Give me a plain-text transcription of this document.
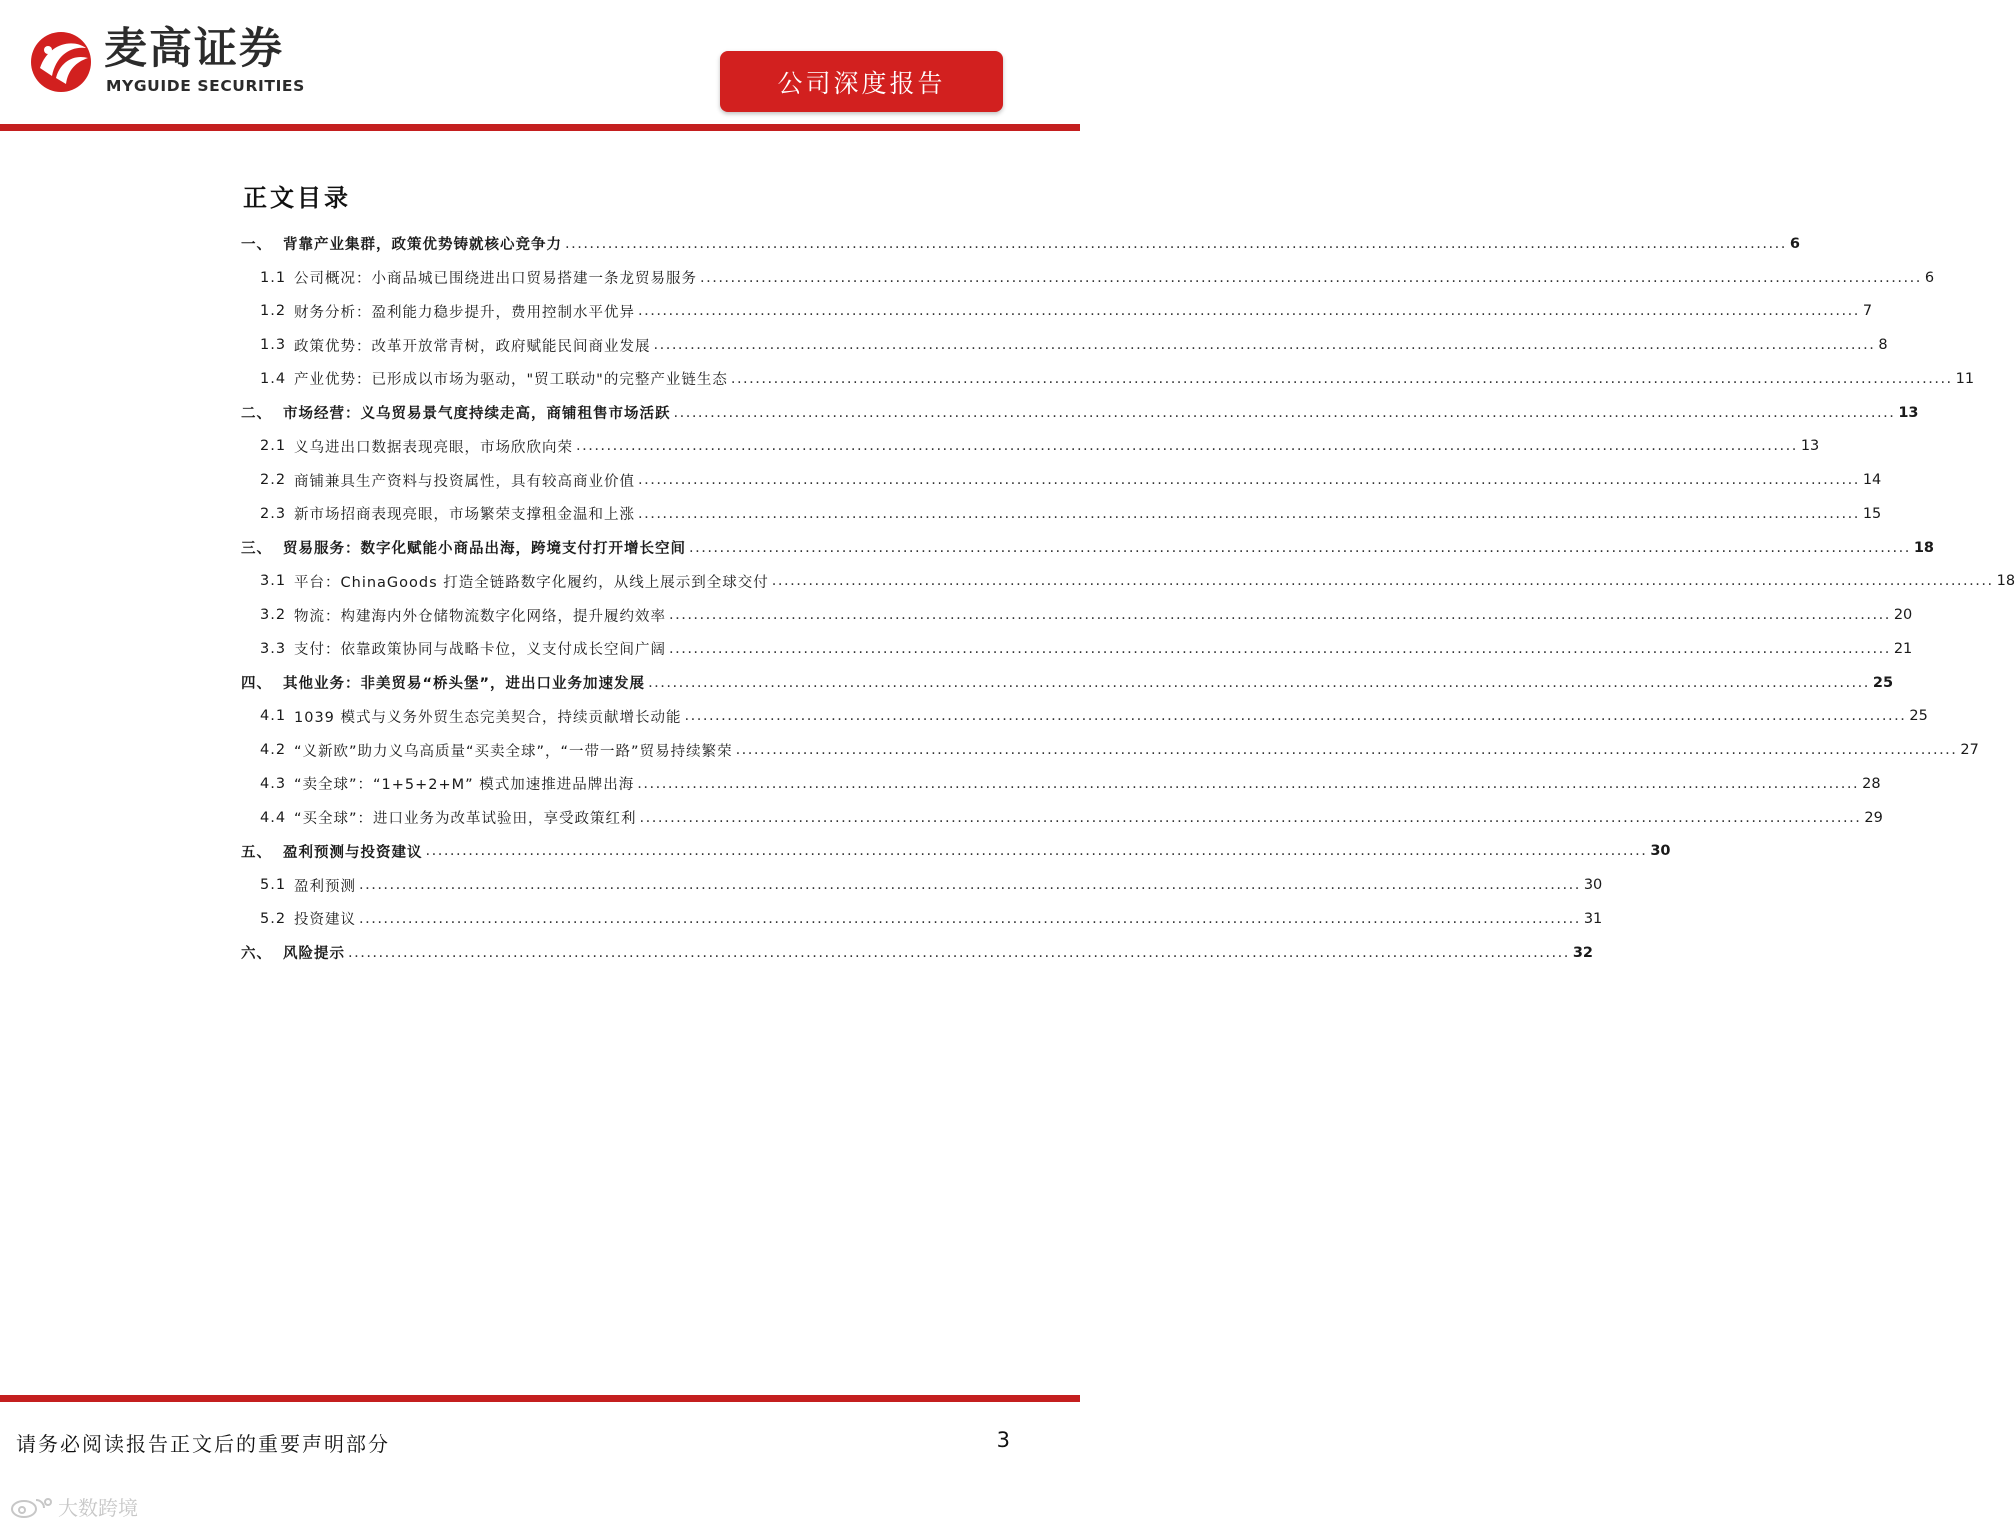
麦高证券
MYGUIDE SECURITIES	公司深度报告
正文目录
一、 背靠产业集群，政策优势铸就核心竞争力 ........................................................................................................................................................................................................ 6
1.1 公司概况：小商品城已围绕进出口贸易搭建一条龙贸易服务 ........................................................................................................................................................................................................ 6
1.2 财务分析：盈利能力稳步提升，费用控制水平优异 ........................................................................................................................................................................................................ 7
1.3 政策优势：改革开放常青树，政府赋能民间商业发展 ........................................................................................................................................................................................................ 8
1.4 产业优势：已形成以市场为驱动，"贸工联动"的完整产业链生态 ........................................................................................................................................................................................................ 11
二、 市场经营：义乌贸易景气度持续走高，商铺租售市场活跃 ........................................................................................................................................................................................................ 13
2.1 义乌进出口数据表现亮眼，市场欣欣向荣 ........................................................................................................................................................................................................ 13
2.2 商铺兼具生产资料与投资属性，具有较高商业价值 ........................................................................................................................................................................................................ 14
2.3 新市场招商表现亮眼，市场繁荣支撑租金温和上涨 ........................................................................................................................................................................................................ 15
三、 贸易服务：数字化赋能小商品出海，跨境支付打开增长空间 ........................................................................................................................................................................................................ 18
3.1 平台：ChinaGoods 打造全链路数字化履约，从线上展示到全球交付 ........................................................................................................................................................................................................ 18
3.2 物流：构建海内外仓储物流数字化网络，提升履约效率 ........................................................................................................................................................................................................ 20
3.3 支付：依靠政策协同与战略卡位，义支付成长空间广阔 ........................................................................................................................................................................................................ 21
四、 其他业务：非美贸易“桥头堡”，进出口业务加速发展 ........................................................................................................................................................................................................ 25
4.1 1039 模式与义务外贸生态完美契合，持续贡献增长动能 ........................................................................................................................................................................................................ 25
4.2 “义新欧”助力义乌高质量“买卖全球”，“一带一路”贸易持续繁荣 ........................................................................................................................................................................................................ 27
4.3 “卖全球”：“1+5+2+M” 模式加速推进品牌出海 ........................................................................................................................................................................................................ 28
4.4 “买全球”：进口业务为改革试验田，享受政策红利 ........................................................................................................................................................................................................ 29
五、 盈利预测与投资建议 ........................................................................................................................................................................................................ 30
5.1 盈利预测 ........................................................................................................................................................................................................ 30
5.2 投资建议 ........................................................................................................................................................................................................ 31
六、 风险提示 ........................................................................................................................................................................................................ 32
请务必阅读报告正文后的重要声明部分	3
大数跨境
